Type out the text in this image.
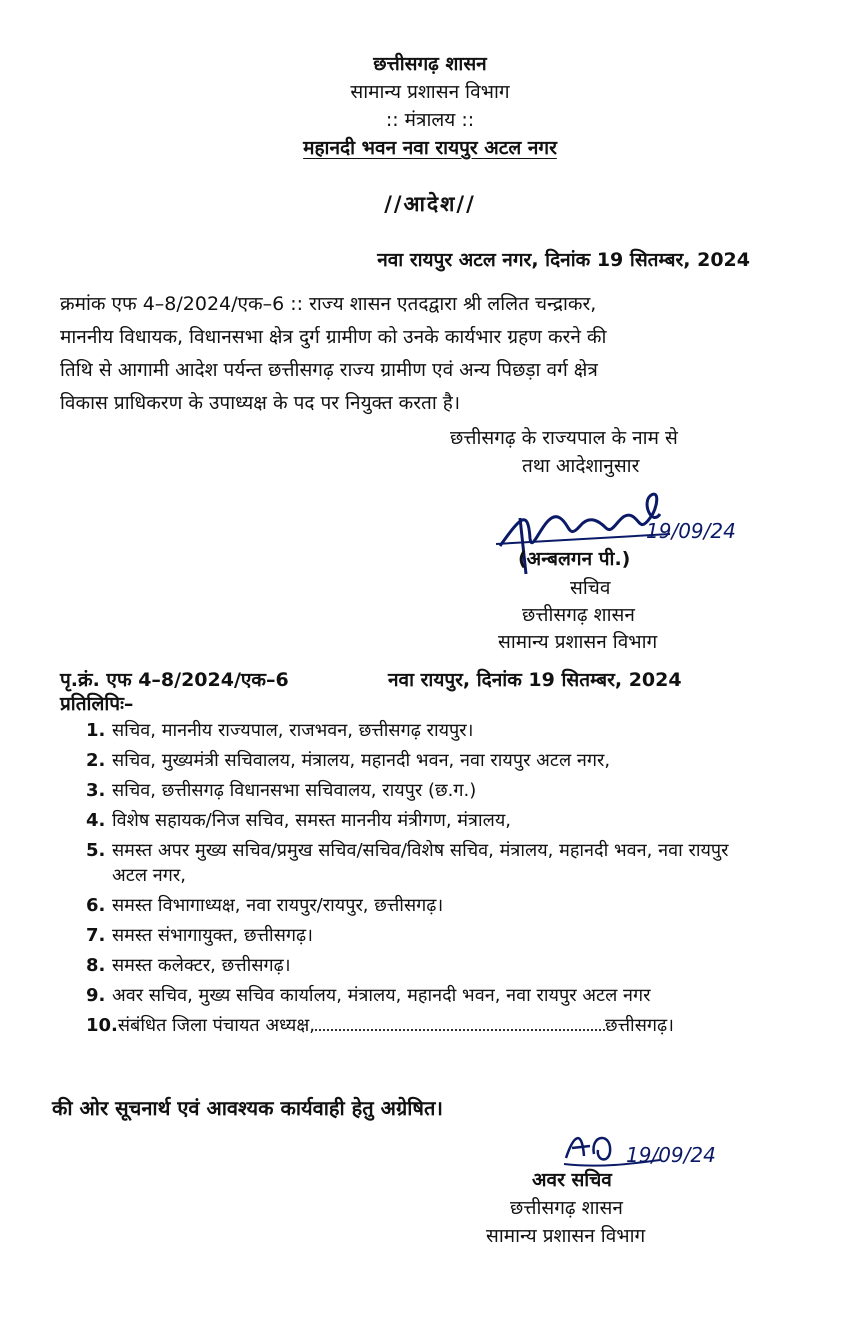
छत्तीसगढ़ शासन
सामान्य प्रशासन विभाग
:: मंत्रालय ::
महानदी भवन नवा रायपुर अटल नगर
//आदेश//
नवा रायपुर अटल नगर, दिनांक 19 सितम्बर, 2024
क्रमांक एफ 4–8/2024/एक–6 :: राज्य शासन एतदद्वारा श्री ललित चन्द्राकर,
माननीय विधायक, विधानसभा क्षेत्र दुर्ग ग्रामीण को उनके कार्यभार ग्रहण करने की
तिथि से आगामी आदेश पर्यन्त छत्तीसगढ़ राज्य ग्रामीण एवं अन्य पिछड़ा वर्ग क्षेत्र
विकास प्राधिकरण के उपाध्यक्ष के पद पर नियुक्त करता है।
छत्तीसगढ़ के राज्यपाल के नाम से
तथा आदेशानुसार
19/09/24
(अन्बलगन पी.)
सचिव
छत्तीसगढ़ शासन
सामान्य प्रशासन विभाग
पृ.क्रं. एफ 4–8/2024/एक–6	नवा रायपुर, दिनांक 19 सितम्बर, 2024
प्रतिलिपिः–
1. सचिव, माननीय राज्यपाल, राजभवन, छत्तीसगढ़ रायपुर।
2. सचिव, मुख्यमंत्री सचिवालय, मंत्रालय, महानदी भवन, नवा रायपुर अटल नगर,
3. सचिव, छत्तीसगढ़ विधानसभा सचिवालय, रायपुर (छ.ग.)
4. विशेष सहायक/निज सचिव, समस्त माननीय मंत्रीगण, मंत्रालय,
5. समस्त अपर मुख्य सचिव/प्रमुख सचिव/सचिव/विशेष सचिव, मंत्रालय, महानदी भवन, नवा रायपुर अटल नगर,
6. समस्त विभागाध्यक्ष, नवा रायपुर/रायपुर, छत्तीसगढ़।
7. समस्त संभागायुक्त, छत्तीसगढ़।
8. समस्त कलेक्टर, छत्तीसगढ़।
9. अवर सचिव, मुख्य सचिव कार्यालय, मंत्रालय, महानदी भवन, नवा रायपुर अटल नगर
10.संबंधित जिला पंचायत अध्यक्ष,	छत्तीसगढ़।
की ओर सूचनार्थ एवं आवश्यक कार्यवाही हेतु अग्रेषित।
19/09/24
अवर सचिव
छत्तीसगढ़ शासन
सामान्य प्रशासन विभाग
